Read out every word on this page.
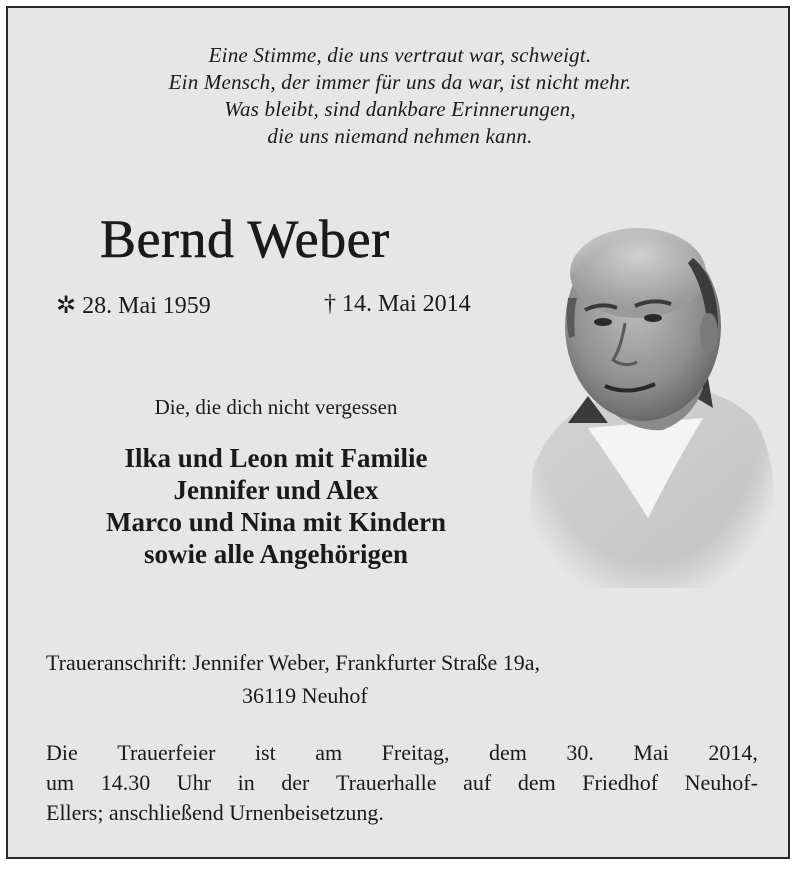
Eine Stimme, die uns vertraut war, schweigt.
Ein Mensch, der immer für uns da war, ist nicht mehr.
Was bleibt, sind dankbare Erinnerungen,
die uns niemand nehmen kann.
Bernd Weber
✲ 28. Mai 1959	† 14. Mai 2014
Die, die dich nicht vergessen
Ilka und Leon mit Familie
Jennifer und Alex
Marco und Nina mit Kindern
sowie alle Angehörigen
Traueranschrift: Jennifer Weber, Frankfurter Straße 19a,
36119 Neuhof
Die Trauerfeier ist am Freitag, dem 30. Mai 2014,
um 14.30 Uhr in der Trauerhalle auf dem Friedhof Neuhof-
Ellers; anschließend Urnenbeisetzung.
